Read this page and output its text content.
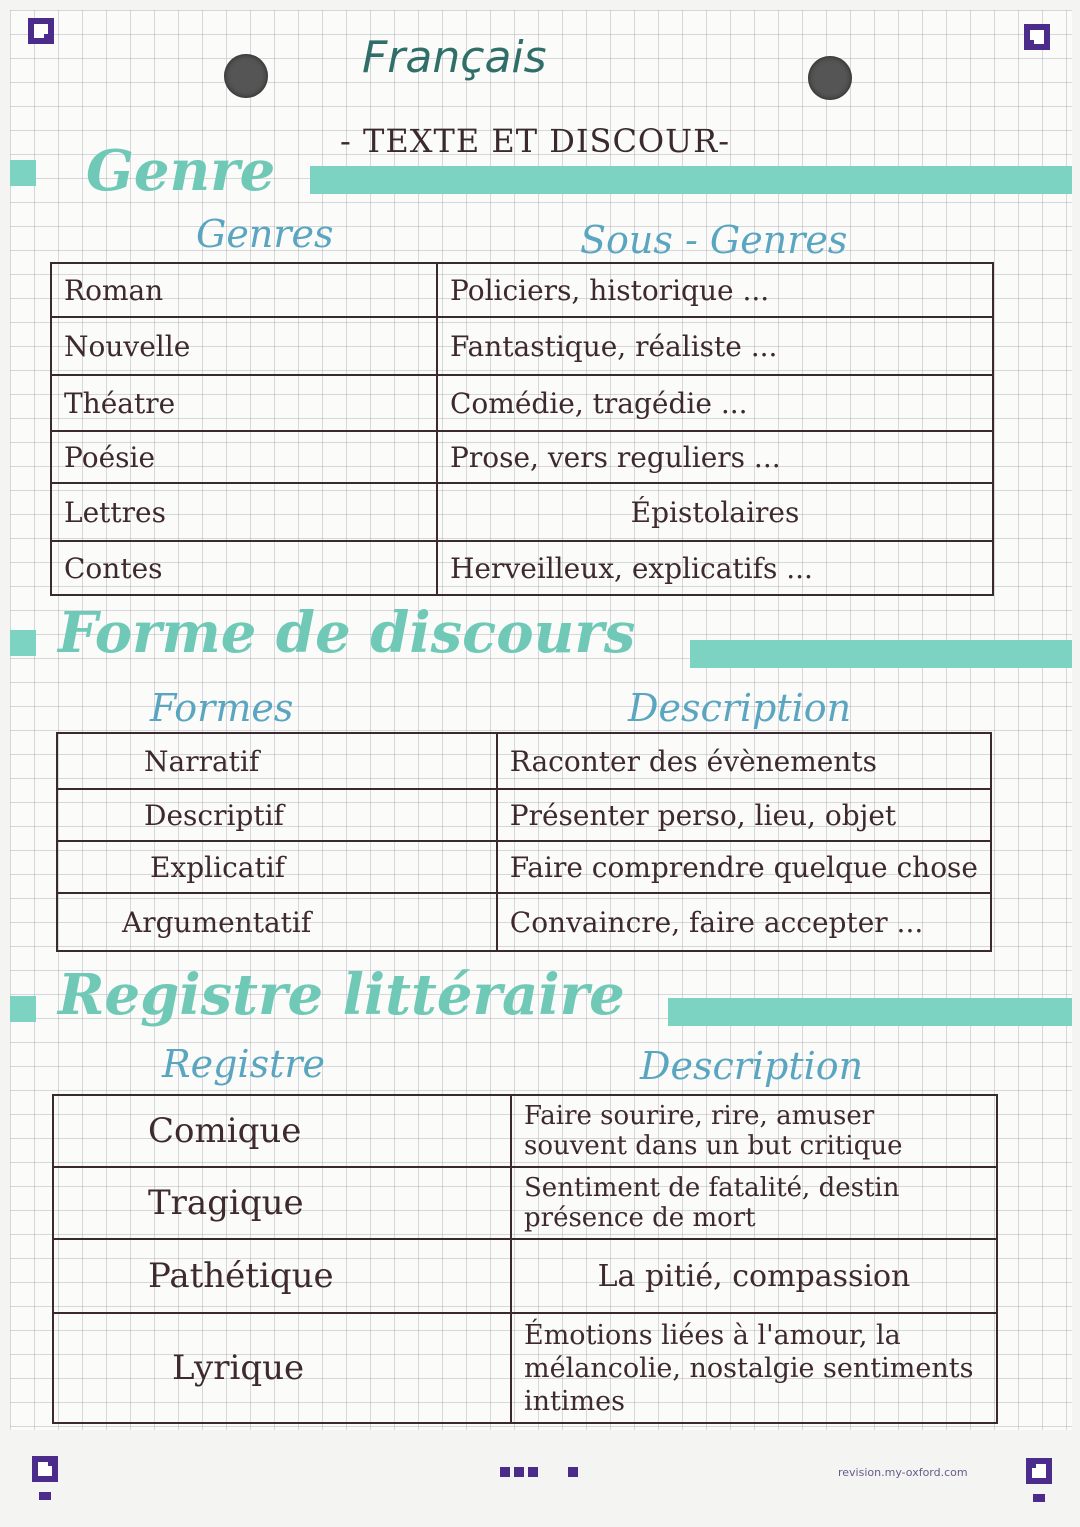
Français
- TEXTE ET DISCOUR-
Genre
Genres	Sous - Genres
Roman	Policiers, historique ...
Nouvelle	Fantastique, réaliste ...
Théatre	Comédie, tragédie ...
Poésie	Prose, vers reguliers ...
Lettres	Épistolaires
Contes	Herveilleux, explicatifs ...
Forme de discours
Formes	Description
Narratif	Raconter des évènements
Descriptif	Présenter perso, lieu, objet
Explicatif	Faire comprendre quelque chose
Argumentatif	Convaincre, faire accepter ...
Registre littéraire
Registre	Description
Comique	Faire sourire, rire, amuser souvent dans un but critique
Tragique	Sentiment de fatalité, destin présence de mort
Pathétique	La pitié, compassion
Lyrique	Émotions liées à l'amour, la mélancolie, nostalgie sentiments intimes
revision.my-oxford.com
